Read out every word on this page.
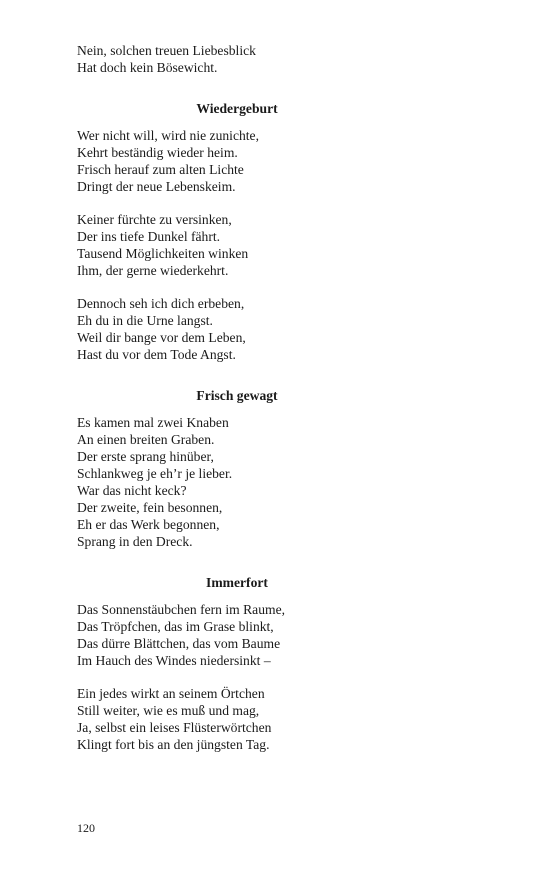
Nein, solchen treuen Liebesblick
Hat doch kein Bösewicht.
Wiedergeburt
Wer nicht will, wird nie zunichte,
Kehrt beständig wieder heim.
Frisch herauf zum alten Lichte
Dringt der neue Lebenskeim.
Keiner fürchte zu versinken,
Der ins tiefe Dunkel fährt.
Tausend Möglichkeiten winken
Ihm, der gerne wiederkehrt.
Dennoch seh ich dich erbeben,
Eh du in die Urne langst.
Weil dir bange vor dem Leben,
Hast du vor dem Tode Angst.
Frisch gewagt
Es kamen mal zwei Knaben
An einen breiten Graben.
Der erste sprang hinüber,
Schlankweg je eh’r je lieber.
War das nicht keck?
Der zweite, fein besonnen,
Eh er das Werk begonnen,
Sprang in den Dreck.
Immerfort
Das Sonnenstäubchen fern im Raume,
Das Tröpfchen, das im Grase blinkt,
Das dürre Blättchen, das vom Baume
Im Hauch des Windes niedersinkt –
Ein jedes wirkt an seinem Örtchen
Still weiter, wie es muß und mag,
Ja, selbst ein leises Flüsterwörtchen
Klingt fort bis an den jüngsten Tag.
120
